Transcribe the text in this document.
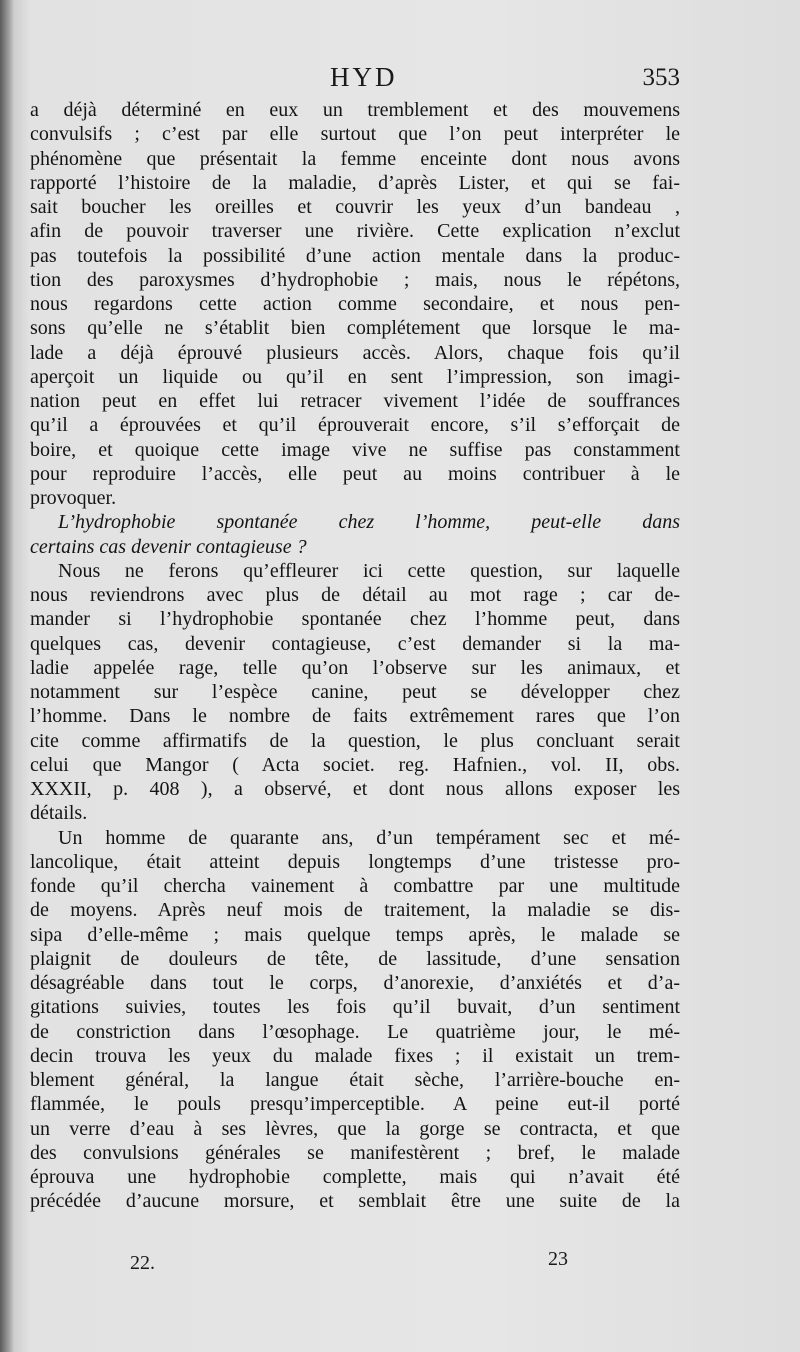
HYD	353
a déjà déterminé en eux un tremblement et des mouvemens
convulsifs ; c’est par elle surtout que l’on peut interpréter le
phénomène que présentait la femme enceinte dont nous avons
rapporté l’histoire de la maladie, d’après Lister, et qui se fai-
sait boucher les oreilles et couvrir les yeux d’un bandeau ,
afin de pouvoir traverser une rivière. Cette explication n’exclut
pas toutefois la possibilité d’une action mentale dans la produc-
tion des paroxysmes d’hydrophobie ; mais, nous le répétons,
nous regardons cette action comme secondaire, et nous pen-
sons qu’elle ne s’établit bien complétement que lorsque le ma-
lade a déjà éprouvé plusieurs accès. Alors, chaque fois qu’il
aperçoit un liquide ou qu’il en sent l’impression, son imagi-
nation peut en effet lui retracer vivement l’idée de souffrances
qu’il a éprouvées et qu’il éprouverait encore, s’il s’efforçait de
boire, et quoique cette image vive ne suffise pas constamment
pour reproduire l’accès, elle peut au moins contribuer à le
provoquer.
L’hydrophobie spontanée chez l’homme, peut-elle dans
certains cas devenir contagieuse ?
Nous ne ferons qu’effleurer ici cette question, sur laquelle
nous reviendrons avec plus de détail au mot rage ; car de-
mander si l’hydrophobie spontanée chez l’homme peut, dans
quelques cas, devenir contagieuse, c’est demander si la ma-
ladie appelée rage, telle qu’on l’observe sur les animaux, et
notamment sur l’espèce canine, peut se développer chez
l’homme. Dans le nombre de faits extrêmement rares que l’on
cite comme affirmatifs de la question, le plus concluant serait
celui que Mangor ( Acta societ. reg. Hafnien., vol. II, obs.
XXXII, p. 408 ), a observé, et dont nous allons exposer les
détails.
Un homme de quarante ans, d’un tempérament sec et mé-
lancolique, était atteint depuis longtemps d’une tristesse pro-
fonde qu’il chercha vainement à combattre par une multitude
de moyens. Après neuf mois de traitement, la maladie se dis-
sipa d’elle-même ; mais quelque temps après, le malade se
plaignit de douleurs de tête, de lassitude, d’une sensation
désagréable dans tout le corps, d’anorexie, d’anxiétés et d’a-
gitations suivies, toutes les fois qu’il buvait, d’un sentiment
de constriction dans l’œsophage. Le quatrième jour, le mé-
decin trouva les yeux du malade fixes ; il existait un trem-
blement général, la langue était sèche, l’arrière-bouche en-
flammée, le pouls presqu’imperceptible. A peine eut-il porté
un verre d’eau à ses lèvres, que la gorge se contracta, et que
des convulsions générales se manifestèrent ; bref, le malade
éprouva une hydrophobie complette, mais qui n’avait été
précédée d’aucune morsure, et semblait être une suite de la
22.	23
